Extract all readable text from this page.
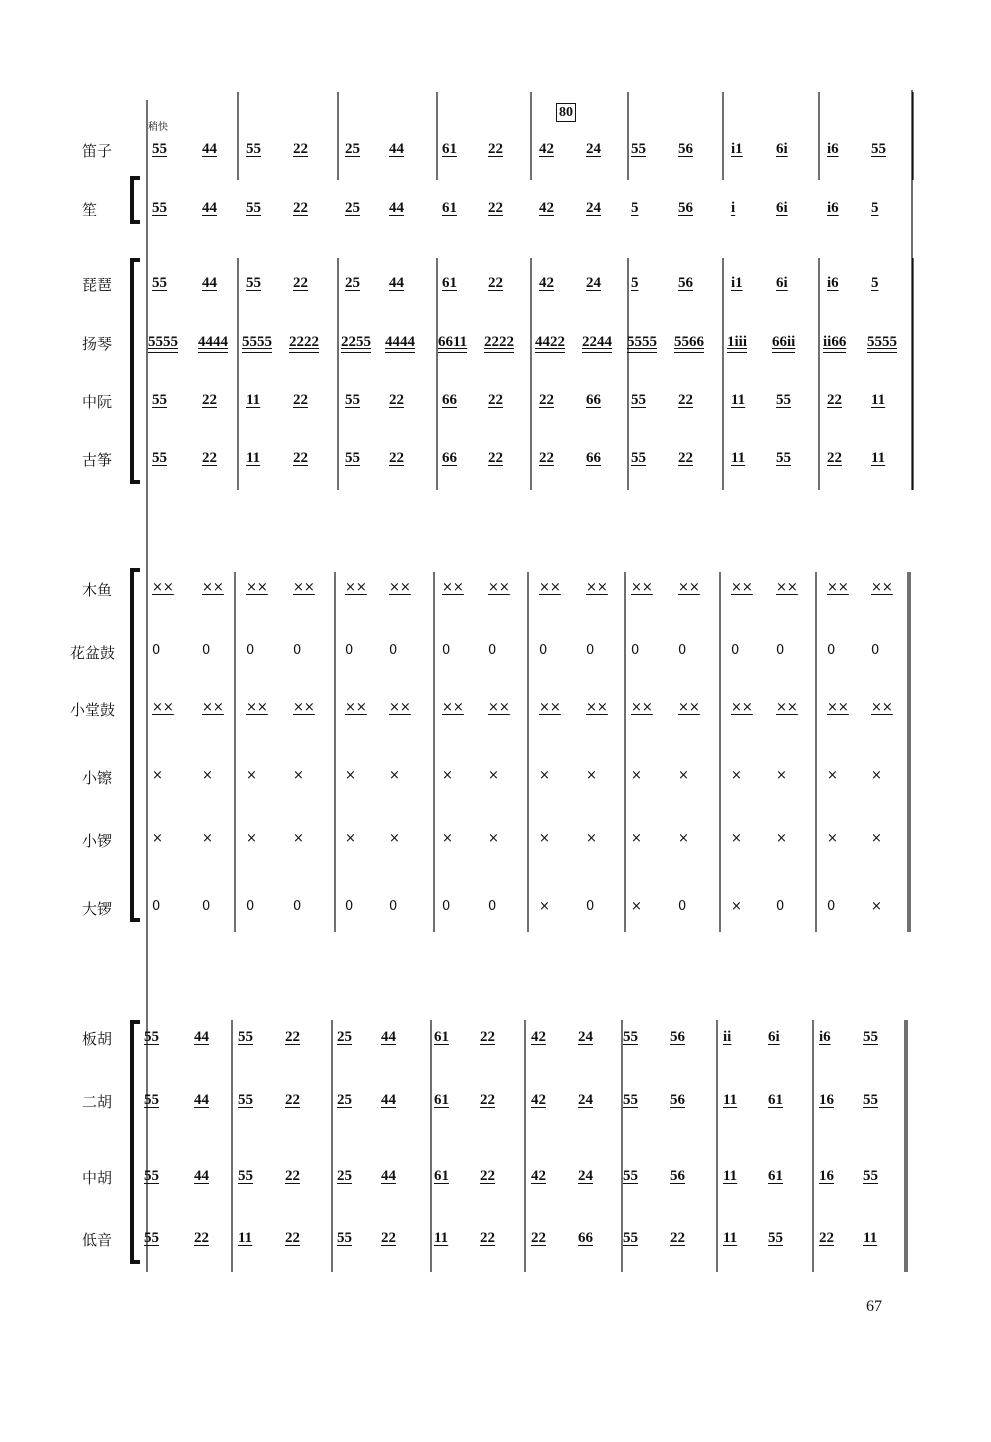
稍快
80
67
笛子	55 44 55 22 25 44	61 22 42 24 55 56	i1 6i	i6 55
笙	55 44 55 22 25 44	61 22 42 24 5	56	i	6i	i6 5
琵琶	55 44 55 22 25 44	61 22 42 24 5	56	i1 6i	i6 5
扬琴 5555 4444 5555 2222 2255 4444 6611 2222 4422 2244 5555 5566 1iii 66ii ii66 5555
中阮	55 22 11 22 55 22	66 22 22 66 55 22	11 55 22 11
古筝	55 22 11 22 55 22	66 22 22 66 55 22	11 55 22 11
木鱼	×× ×× ×× ×× ×× ×× ×× ×× ×× ×× ×× ×× ×× ×× ×× ××
花盆鼓	0	0	0	0	0	0	0	0	0	0	0	0	0	0	0	0
小堂鼓	×× ×× ×× ×× ×× ×× ×× ×× ×× ×× ×× ×× ×× ×× ×× ××
小镲	×	×	×	×	×	×	×	×	×	×	×	×	×	×	×	×
小锣	×	×	×	×	×	×	×	×	×	×	×	×	×	×	×	×
大锣	0	0	0	0	0	0	0	0	×	0	×	0	×	0	0	×
板胡 55 44 55 22 25 44	61 22 42 24 55 56	ii 6i	i6 55
二胡 55 44 55 22 25 44	61 22 42 24 55 56	11 61 16 55
中胡 55 44 55 22 25 44	61 22 42 24 55 56	11 61 16 55
低音 55 22 11 22 55 22	11 22 22 66 55 22	11 55 22 11
